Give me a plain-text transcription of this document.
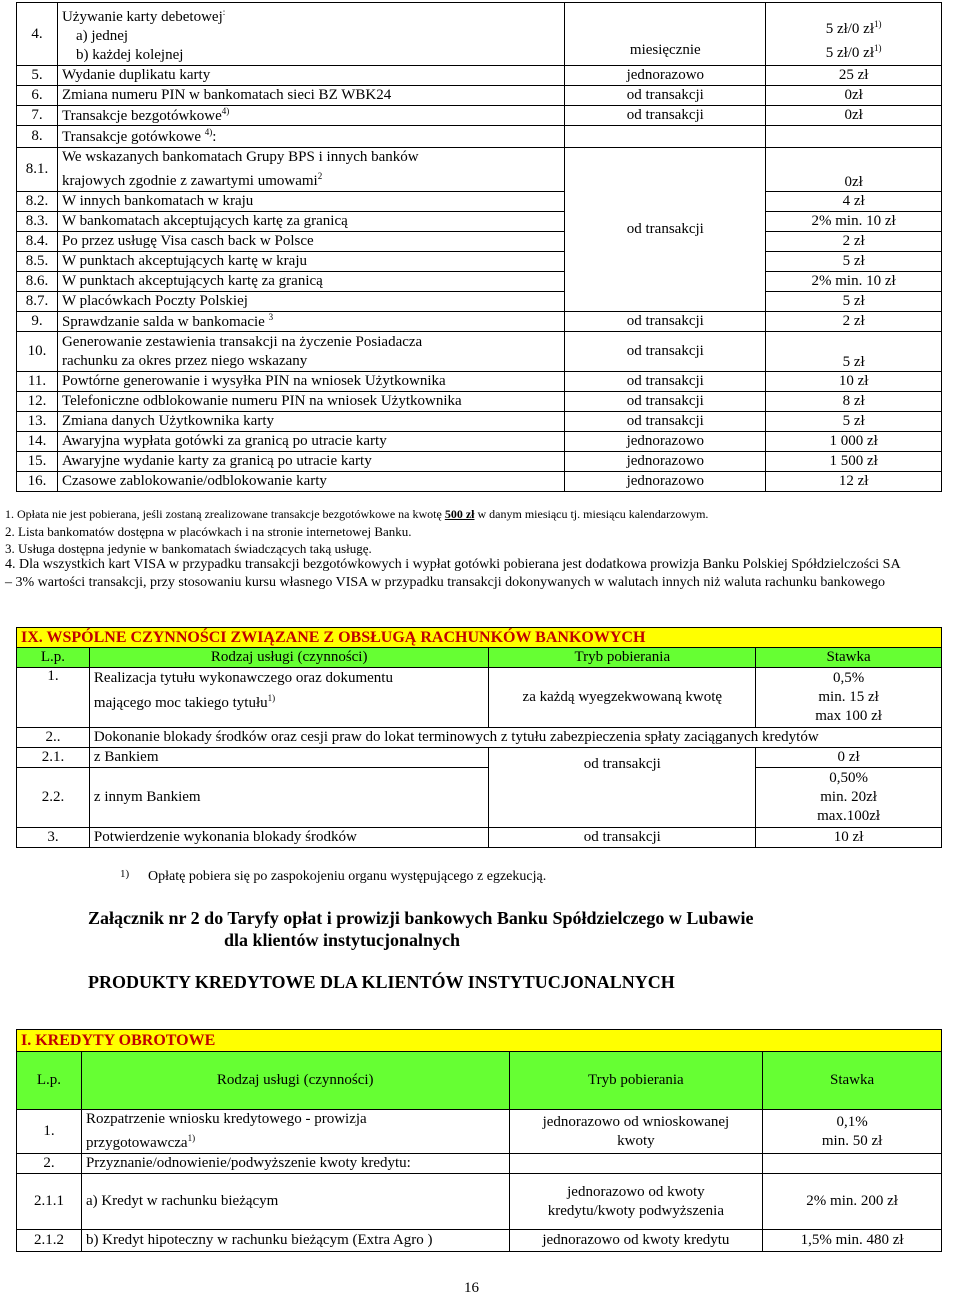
4.	Używanie karty debetowej:
a) jednej
b) każdej kolejnej	miesięcznie	5 zł/0 $zł^{1)}$
5 zł/0 $zł^{1)}$
5.	Wydanie duplikatu karty	jednorazowo	25 zł
6.	Zmiana numeru PIN w bankomatach sieci BZ WBK24	od transakcji	0zł
7.	Transakcje bezgotówkowe$^{4)}$	od transakcji	0zł
8.	Transakcje gotówkowe $^{4)}$:		
8.1.	We wskazanych bankomatach Grupy BPS i innych banków
krajowych zgodnie z zawartymi umowami$^2$	od transakcji	0zł
8.2.	W innych bankomatach w kraju		4 zł
8.3.	W bankomatach akceptujących kartę za granicą		2% min. 10 zł
8.4.	Po przez usługę Visa casch back w Polsce		2 zł
8.5.	W punktach akceptujących kartę w kraju		5 zł
8.6.	W punktach akceptujących kartę za granicą		2% min. 10 zł
8.7.	W placówkach Poczty Polskiej		5 zł
9.	Sprawdzanie salda w bankomacie $^3$	od transakcji	2 zł
10.	Generowanie zestawienia transakcji na życzenie Posiadacza
rachunku za okres przez niego wskazany	od transakcji	5 zł
11.	Powtórne generowanie i wysyłka PIN na wniosek Użytkownika	od transakcji	10 zł
12.	Telefoniczne odblokowanie numeru PIN na wniosek Użytkownika	od transakcji	8 zł
13.	Zmiana danych Użytkownika karty	od transakcji	5 zł
14.	Awaryjna wypłata gotówki za granicą po utracie karty	jednorazowo	1 000 zł
15.	Awaryjne wydanie karty za granicą po utracie karty	jednorazowo	1 500 zł
16.	Czasowe zablokowanie/odblokowanie karty	jednorazowo	12 zł
1. Opłata nie jest pobierana, jeśli zostaną zrealizowane transakcje bezgotówkowe na kwotę 500 zł w danym miesiącu tj. miesiącu kalendarzowym.
2. Lista bankomatów dostępna w placówkach i na stronie internetowej Banku.
3. Usługa dostępna jedynie w bankomatach świadczących taką usługę.
4. Dla wszystkich kart VISA w przypadku transakcji bezgotówkowych i wypłat gotówki pobierana jest dodatkowa prowizja Banku Polskiej Spółdzielczości SA – 3% wartości transakcji, przy stosowaniu kursu własnego VISA w przypadku transakcji dokonywanych w walutach innych niż waluta rachunku bankowego
IX. WSPÓLNE CZYNNOŚCI ZWIĄZANE Z OBSŁUGĄ RACHUNKÓW BANKOWYCH			
L.p.	Rodzaj usługi (czynności)	Tryb pobierania	Stawka
1.	Realizacja tytułu wykonawczego oraz dokumentu
mającego moc takiego tytułu$^{1)}$	za każdą wyegzekwowaną kwotę	0,5%
min. 15 zł
max 100 zł
2..	Dokonanie blokady środków oraz cesji praw do lokat terminowych z tytułu zabezpieczenia spłaty zaciąganych kredytów		
2.1.	z Bankiem	od transakcji	0 zł
2.2.	z innym Bankiem		0,50%
min. 20zł
max.100zł
3.	Potwierdzenie wykonania blokady środków	od transakcji	10 zł
1) Opłatę pobiera się po zaspokojeniu organu występującego z egzekucją.
Załącznik nr 2 do Taryfy opłat i prowizji bankowych Banku Spółdzielczego w Lubawie
dla klientów instytucjonalnych
PRODUKTY KREDYTOWE DLA KLIENTÓW INSTYTUCJONALNYCH
I. KREDYTY OBROTOWE			
L.p.	Rodzaj usługi (czynności)	Tryb pobierania	Stawka
1.	Rozpatrzenie wniosku kredytowego - prowizja
przygotowawcza$^{1)}$	jednorazowo od wnioskowanej
kwoty	0,1%
min. 50 zł
2.	Przyznanie/odnowienie/podwyższenie kwoty kredytu:		
2.1.1	a) Kredyt w rachunku bieżącym	jednorazowo od kwoty
kredytu/kwoty podwyższenia	2% min. 200 zł
2.1.2	b) Kredyt hipoteczny w rachunku bieżącym (Extra Agro )	jednorazowo od kwoty kredytu	1,5% min. 480 zł
16
